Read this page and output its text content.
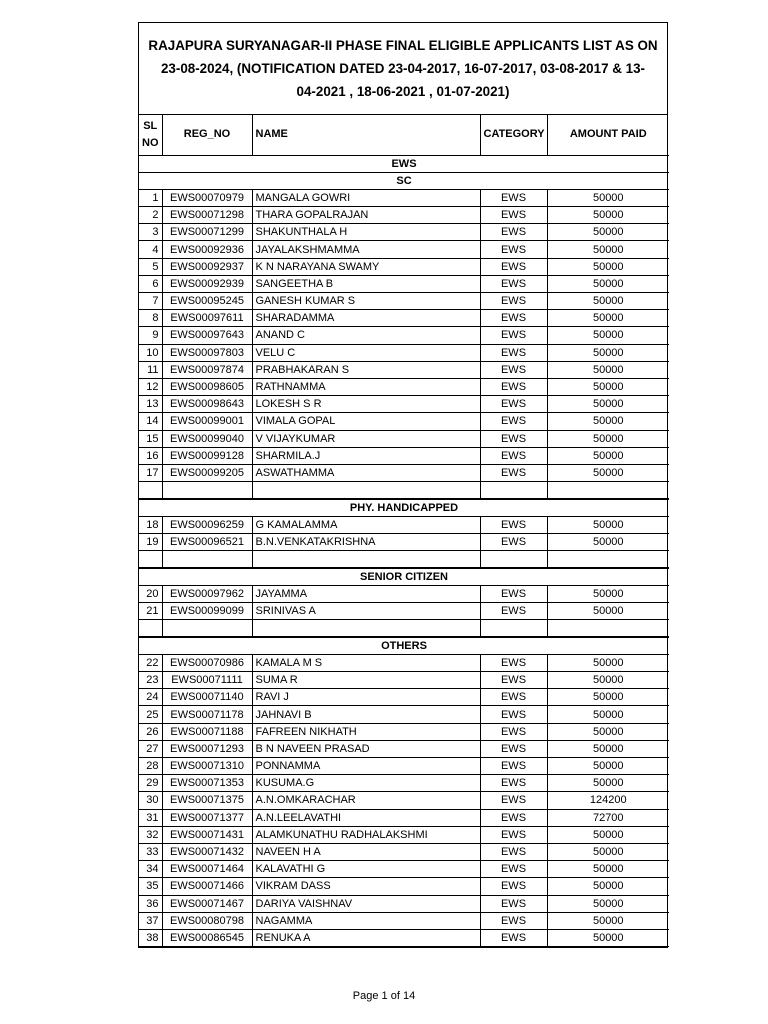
RAJAPURA SURYANAGAR-II PHASE FINAL ELIGIBLE APPLICANTS LIST AS ON
23-08-2024, (NOTIFICATION DATED 23-04-2017, 16-07-2017, 03-08-2017 & 13-
04-2021 , 18-06-2021 , 01-07-2021)
SL NO	REG_NO	NAME	CATEGORY	AMOUNT PAID
EWS				
SC				
1	EWS00070979	MANGALA GOWRI	EWS	50000
2	EWS00071298	THARA GOPALRAJAN	EWS	50000
3	EWS00071299	SHAKUNTHALA H	EWS	50000
4	EWS00092936	JAYALAKSHMAMMA	EWS	50000
5	EWS00092937	K N NARAYANA SWAMY	EWS	50000
6	EWS00092939	SANGEETHA B	EWS	50000
7	EWS00095245	GANESH KUMAR S	EWS	50000
8	EWS00097611	SHARADAMMA	EWS	50000
9	EWS00097643	ANAND C	EWS	50000
10	EWS00097803	VELU C	EWS	50000
11	EWS00097874	PRABHAKARAN S	EWS	50000
12	EWS00098605	RATHNAMMA	EWS	50000
13	EWS00098643	LOKESH S R	EWS	50000
14	EWS00099001	VIMALA GOPAL	EWS	50000
15	EWS00099040	V VIJAYKUMAR	EWS	50000
16	EWS00099128	SHARMILA.J	EWS	50000
17	EWS00099205	ASWATHAMMA	EWS	50000

PHY. HANDICAPPED				
18	EWS00096259	G KAMALAMMA	EWS	50000
19	EWS00096521	B.N.VENKATAKRISHNA	EWS	50000

SENIOR CITIZEN				
20	EWS00097962	JAYAMMA	EWS	50000
21	EWS00099099	SRINIVAS A	EWS	50000

OTHERS				
22	EWS00070986	KAMALA M S	EWS	50000
23	EWS00071111	SUMA R	EWS	50000
24	EWS00071140	RAVI J	EWS	50000
25	EWS00071178	JAHNAVI B	EWS	50000
26	EWS00071188	FAFREEN NIKHATH	EWS	50000
27	EWS00071293	B N NAVEEN PRASAD	EWS	50000
28	EWS00071310	PONNAMMA	EWS	50000
29	EWS00071353	KUSUMA.G	EWS	50000
30	EWS00071375	A.N.OMKARACHAR	EWS	124200
31	EWS00071377	A.N.LEELAVATHI	EWS	72700
32	EWS00071431	ALAMKUNATHU RADHALAKSHMI	EWS	50000
33	EWS00071432	NAVEEN H A	EWS	50000
34	EWS00071464	KALAVATHI G	EWS	50000
35	EWS00071466	VIKRAM DASS	EWS	50000
36	EWS00071467	DARIYA VAISHNAV	EWS	50000
37	EWS00080798	NAGAMMA	EWS	50000
38	EWS00086545	RENUKA A	EWS	50000
Page 1 of 14
